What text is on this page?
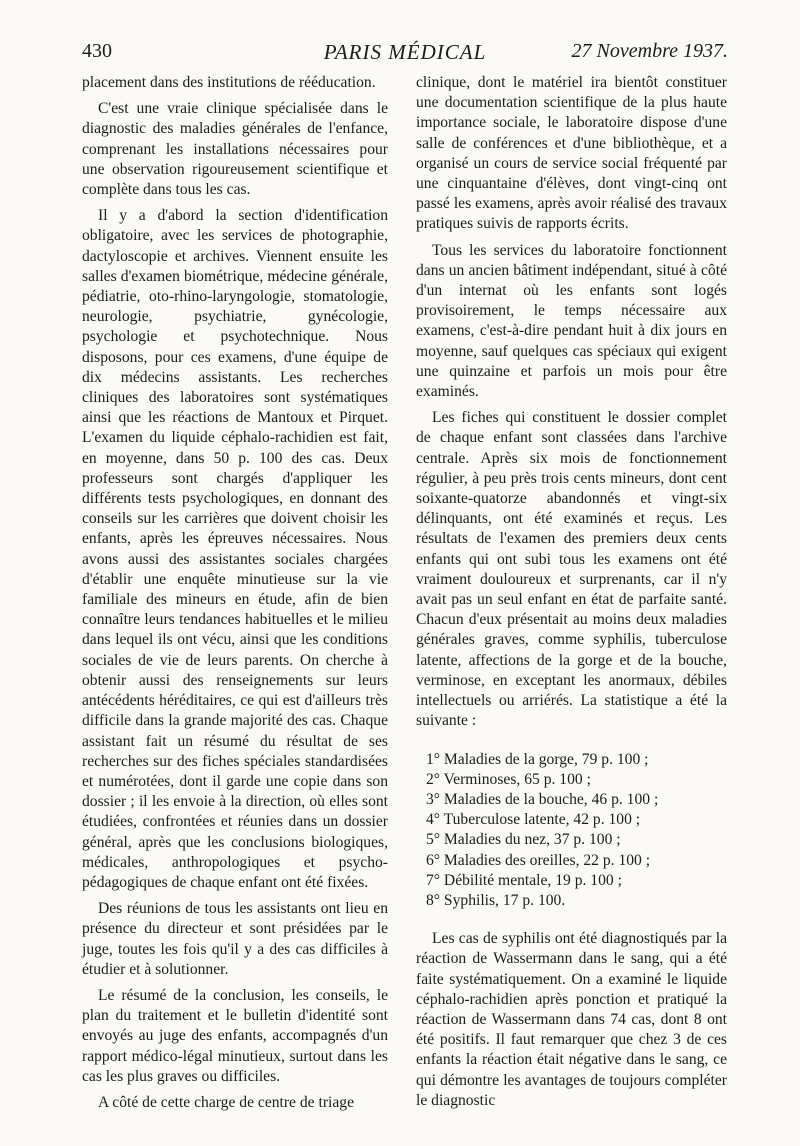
430	PARIS MÉDICAL	27 Novembre 1937.

placement dans des institutions de rééducation.

C'est une vraie clinique spécialisée dans le diagnostic des maladies générales de l'enfance, comprenant les installations nécessaires pour une observation rigoureusement scientifique et complète dans tous les cas.

Il y a d'abord la section d'identification obligatoire, avec les services de photographie, dactyloscopie et archives. Viennent ensuite les salles d'examen biométrique, médecine générale, pédiatrie, oto-rhino-laryngologie, stomatologie, neurologie, psychiatrie, gynécologie, psychologie et psychotechnique. Nous disposons, pour ces examens, d'une équipe de dix médecins assistants. Les recherches cliniques des laboratoires sont systématiques ainsi que les réactions de Mantoux et Pirquet. L'examen du liquide céphalo-rachidien est fait, en moyenne, dans 50 p. 100 des cas. Deux professeurs sont chargés d'appliquer les différents tests psychologiques, en donnant des conseils sur les carrières que doivent choisir les enfants, après les épreuves nécessaires. Nous avons aussi des assistantes sociales chargées d'établir une enquête minutieuse sur la vie familiale des mineurs en étude, afin de bien connaître leurs tendances habituelles et le milieu dans lequel ils ont vécu, ainsi que les conditions sociales de vie de leurs parents. On cherche à obtenir aussi des renseignements sur leurs antécédents héréditaires, ce qui est d'ailleurs très difficile dans la grande majorité des cas. Chaque assistant fait un résumé du résultat de ses recherches sur des fiches spéciales standardisées et numérotées, dont il garde une copie dans son dossier ; il les envoie à la direction, où elles sont étudiées, confrontées et réunies dans un dossier général, après que les conclusions biologiques, médicales, anthropologiques et psycho-pédagogiques de chaque enfant ont été fixées.

Des réunions de tous les assistants ont lieu en présence du directeur et sont présidées par le juge, toutes les fois qu'il y a des cas difficiles à étudier et à solutionner.

Le résumé de la conclusion, les conseils, le plan du traitement et le bulletin d'identité sont envoyés au juge des enfants, accompagnés d'un rapport médico-légal minutieux, surtout dans les cas les plus graves ou difficiles.

A côté de cette charge de centre de triage

clinique, dont le matériel ira bientôt constituer une documentation scientifique de la plus haute importance sociale, le laboratoire dispose d'une salle de conférences et d'une bibliothèque, et a organisé un cours de service social fréquenté par une cinquantaine d'élèves, dont vingt-cinq ont passé les examens, après avoir réalisé des travaux pratiques suivis de rapports écrits.

Tous les services du laboratoire fonctionnent dans un ancien bâtiment indépendant, situé à côté d'un internat où les enfants sont logés provisoirement, le temps nécessaire aux examens, c'est-à-dire pendant huit à dix jours en moyenne, sauf quelques cas spéciaux qui exigent une quinzaine et parfois un mois pour être examinés.

Les fiches qui constituent le dossier complet de chaque enfant sont classées dans l'archive centrale. Après six mois de fonctionnement régulier, à peu près trois cents mineurs, dont cent soixante-quatorze abandonnés et vingt-six délinquants, ont été examinés et reçus. Les résultats de l'examen des premiers deux cents enfants qui ont subi tous les examens ont été vraiment douloureux et surprenants, car il n'y avait pas un seul enfant en état de parfaite santé. Chacun d'eux présentait au moins deux maladies générales graves, comme syphilis, tuberculose latente, affections de la gorge et de la bouche, verminose, en exceptant les anormaux, débiles intellectuels ou arriérés. La statistique a été la suivante :

1° Maladies de la gorge, 79 p. 100 ;
2° Verminoses, 65 p. 100 ;
3° Maladies de la bouche, 46 p. 100 ;
4° Tuberculose latente, 42 p. 100 ;
5° Maladies du nez, 37 p. 100 ;
6° Maladies des oreilles, 22 p. 100 ;
7° Débilité mentale, 19 p. 100 ;
8° Syphilis, 17 p. 100.

Les cas de syphilis ont été diagnostiqués par la réaction de Wassermann dans le sang, qui a été faite systématiquement. On a examiné le liquide céphalo-rachidien après ponction et pratiqué la réaction de Wassermann dans 74 cas, dont 8 ont été positifs. Il faut remarquer que chez 3 de ces enfants la réaction était négative dans le sang, ce qui démontre les avantages de toujours compléter le diagnostic
